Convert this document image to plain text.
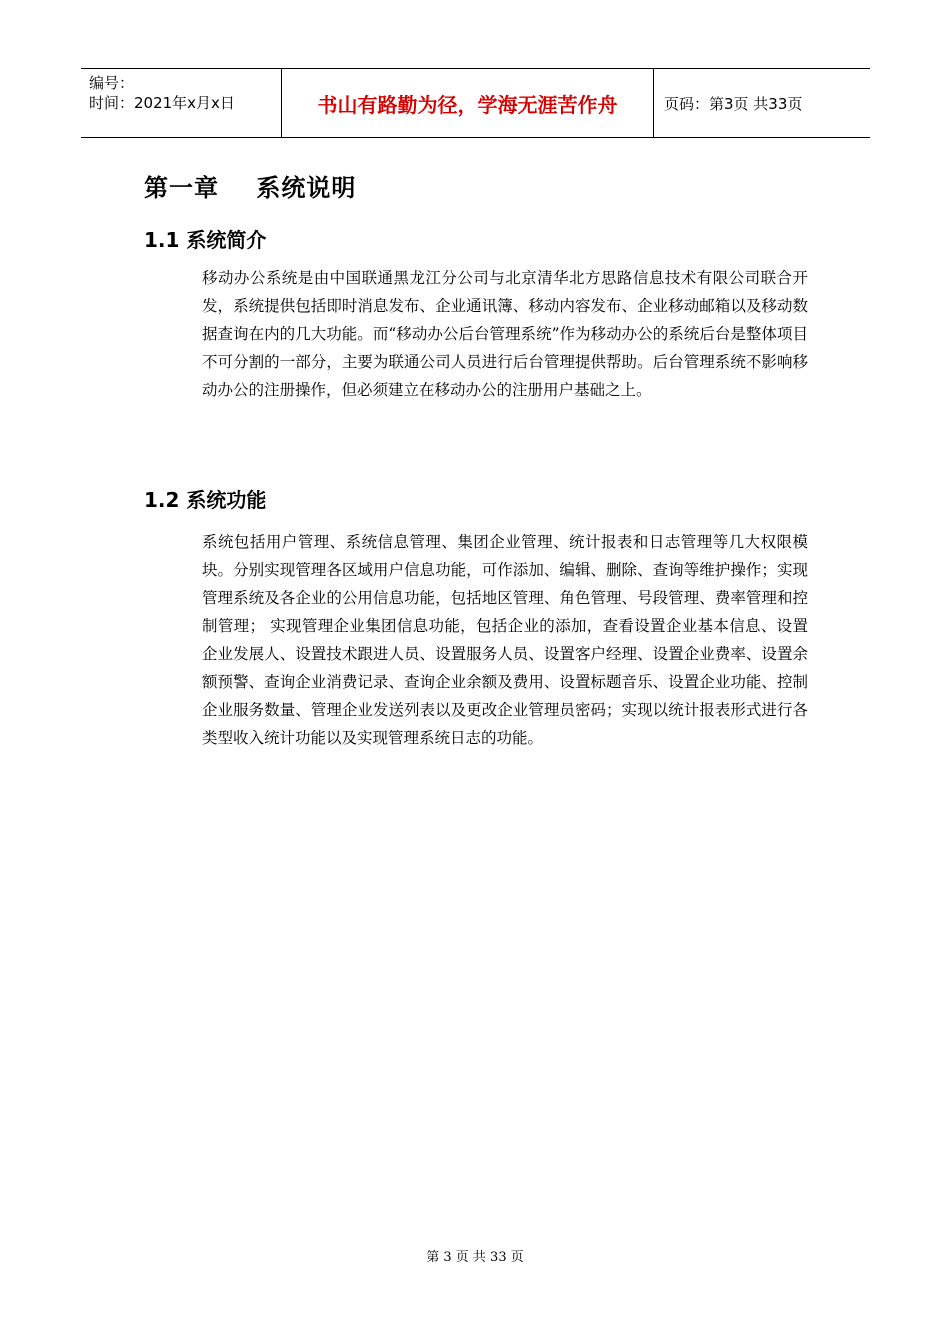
编号：
时间：2021年x月x日	书山有路勤为径，学海无涯苦作舟	页码：第3页 共33页
第一章    系统说明
1.1 系统简介

移动办公系统是由中国联通黑龙江分公司与北京清华北方思路信息技术有限公司联合开发，系统提供包括即时消息发布、企业通讯簿、移动内容发布、企业移动邮箱以及移动数据查询在内的几大功能。而“移动办公后台管理系统”作为移动办公的系统后台是整体项目不可分割的一部分，主要为联通公司人员进行后台管理提供帮助。后台管理系统不影响移动办公的注册操作，但必须建立在移动办公的注册用户基础之上。

1.2 系统功能

系统包括用户管理、系统信息管理、集团企业管理、统计报表和日志管理等几大权限模块。分别实现管理各区域用户信息功能，可作添加、编辑、删除、查询等维护操作；实现管理系统及各企业的公用信息功能，包括地区管理、角色管理、号段管理、费率管理和控制管理； 实现管理企业集团信息功能，包括企业的添加，查看设置企业基本信息、设置企业发展人、设置技术跟进人员、设置服务人员、设置客户经理、设置企业费率、设置余额预警、查询企业消费记录、查询企业余额及费用、设置标题音乐、设置企业功能、控制企业服务数量、管理企业发送列表以及更改企业管理员密码；实现以统计报表形式进行各类型收入统计功能以及实现管理系统日志的功能。

第 3 页 共 33 页
